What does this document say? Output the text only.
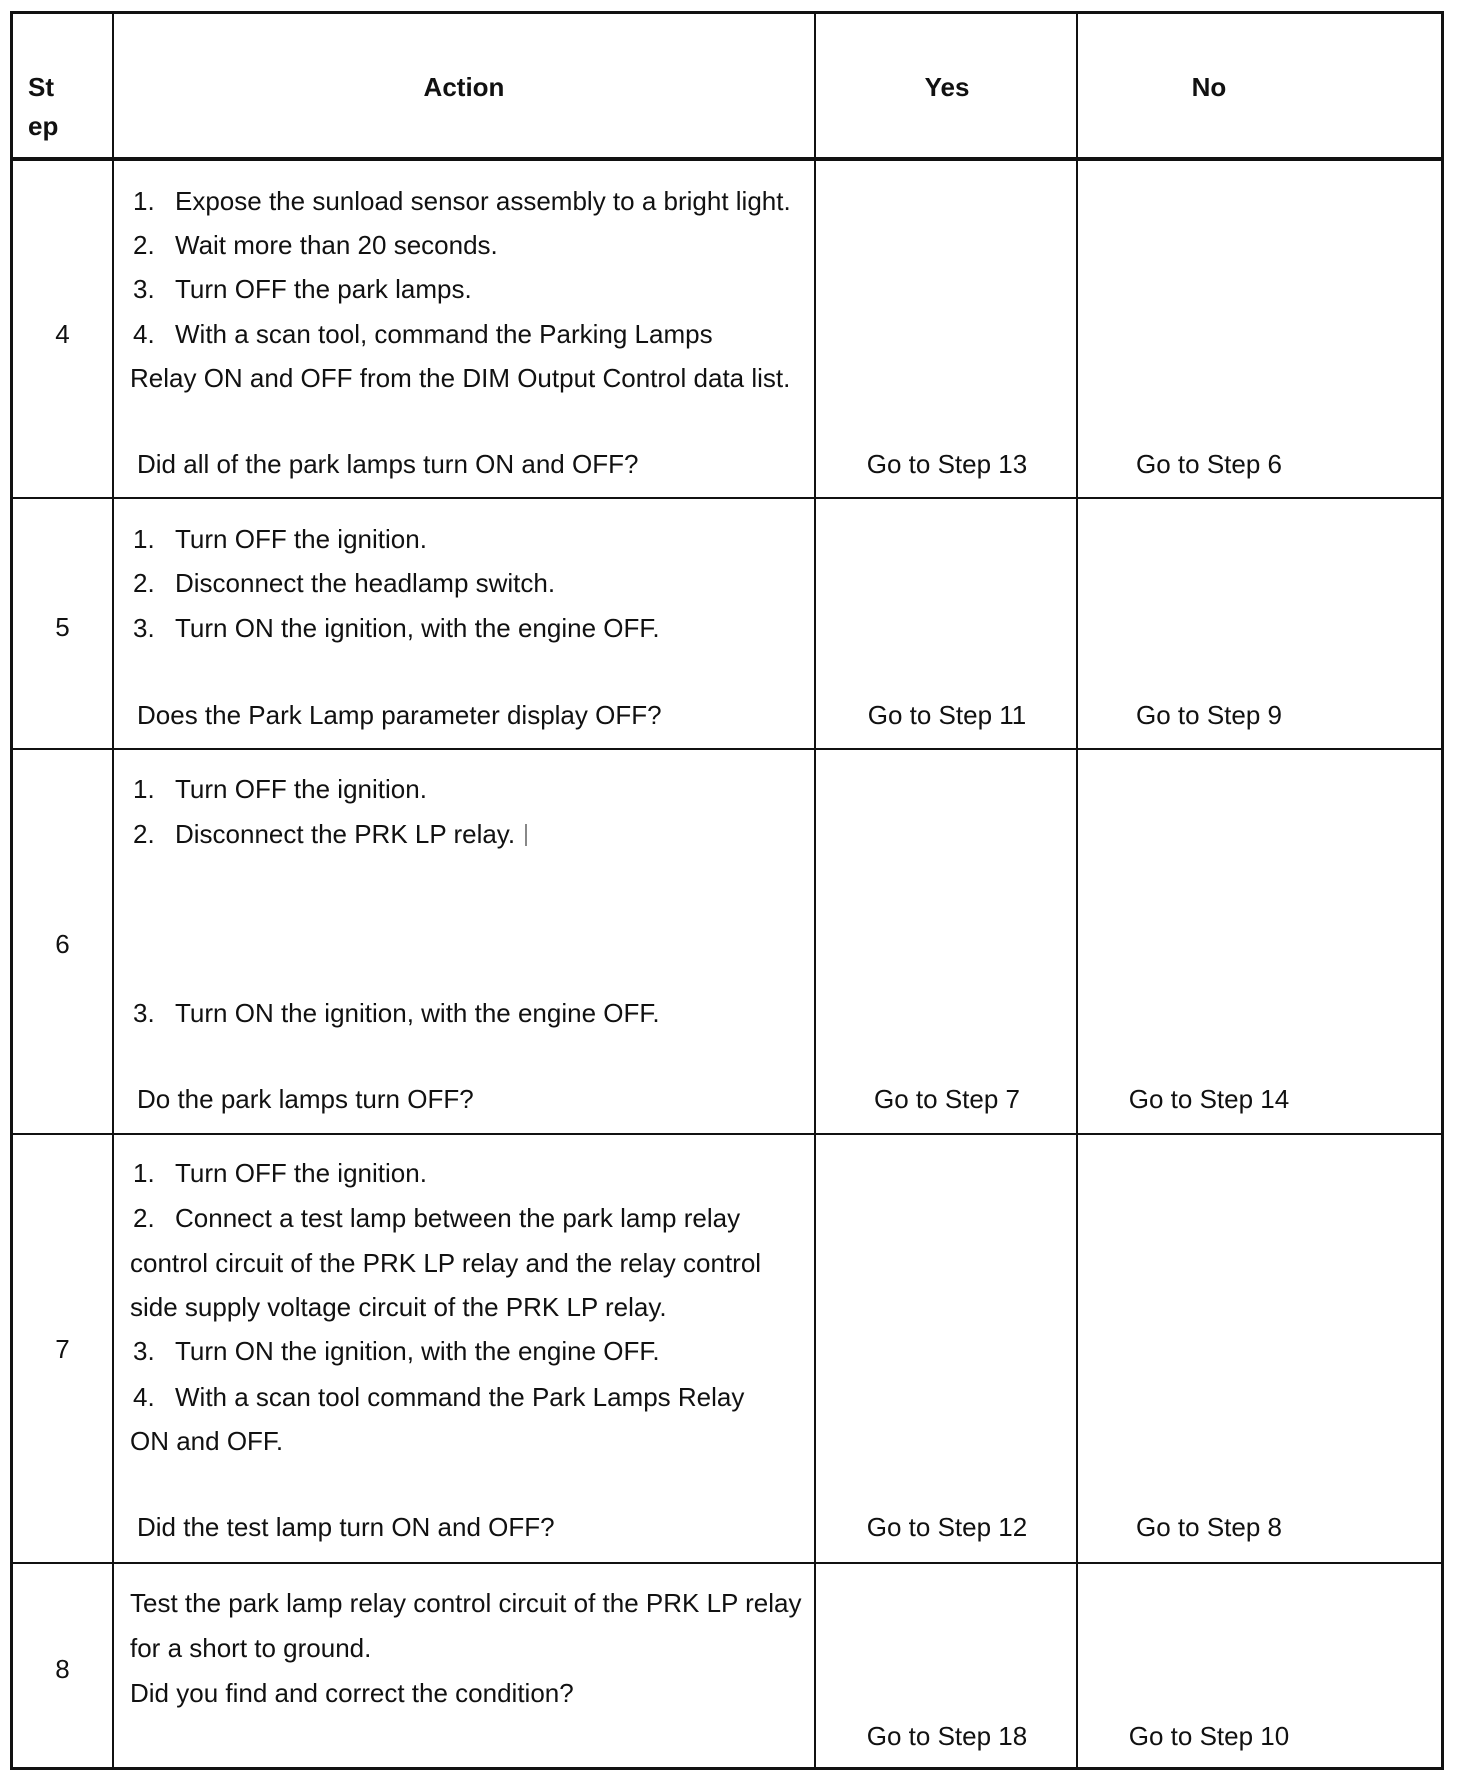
St
ep
Action	Yes	No
4
1. Expose the sunload sensor assembly to a bright light.
2. Wait more than 20 seconds.
3. Turn OFF the park lamps.
4. With a scan tool, command the Parking Lamps
Relay ON and OFF from the DIM Output Control data list.
Did all of the park lamps turn ON and OFF?	Go to Step 13	Go to Step 6
5
1. Turn OFF the ignition.
2. Disconnect the headlamp switch.
3. Turn ON the ignition, with the engine OFF.
Does the Park Lamp parameter display OFF?	Go to Step 11	Go to Step 9
6
1. Turn OFF the ignition.
2. Disconnect the PRK LP relay.
3. Turn ON the ignition, with the engine OFF.
Do the park lamps turn OFF?	Go to Step 7	Go to Step 14
7
1. Turn OFF the ignition.
2. Connect a test lamp between the park lamp relay
control circuit of the PRK LP relay and the relay control
side supply voltage circuit of the PRK LP relay.
3. Turn ON the ignition, with the engine OFF.
4. With a scan tool command the Park Lamps Relay
ON and OFF.
Did the test lamp turn ON and OFF?	Go to Step 12	Go to Step 8
8
Test the park lamp relay control circuit of the PRK LP relay
for a short to ground.
Did you find and correct the condition?
Go to Step 18	Go to Step 10
